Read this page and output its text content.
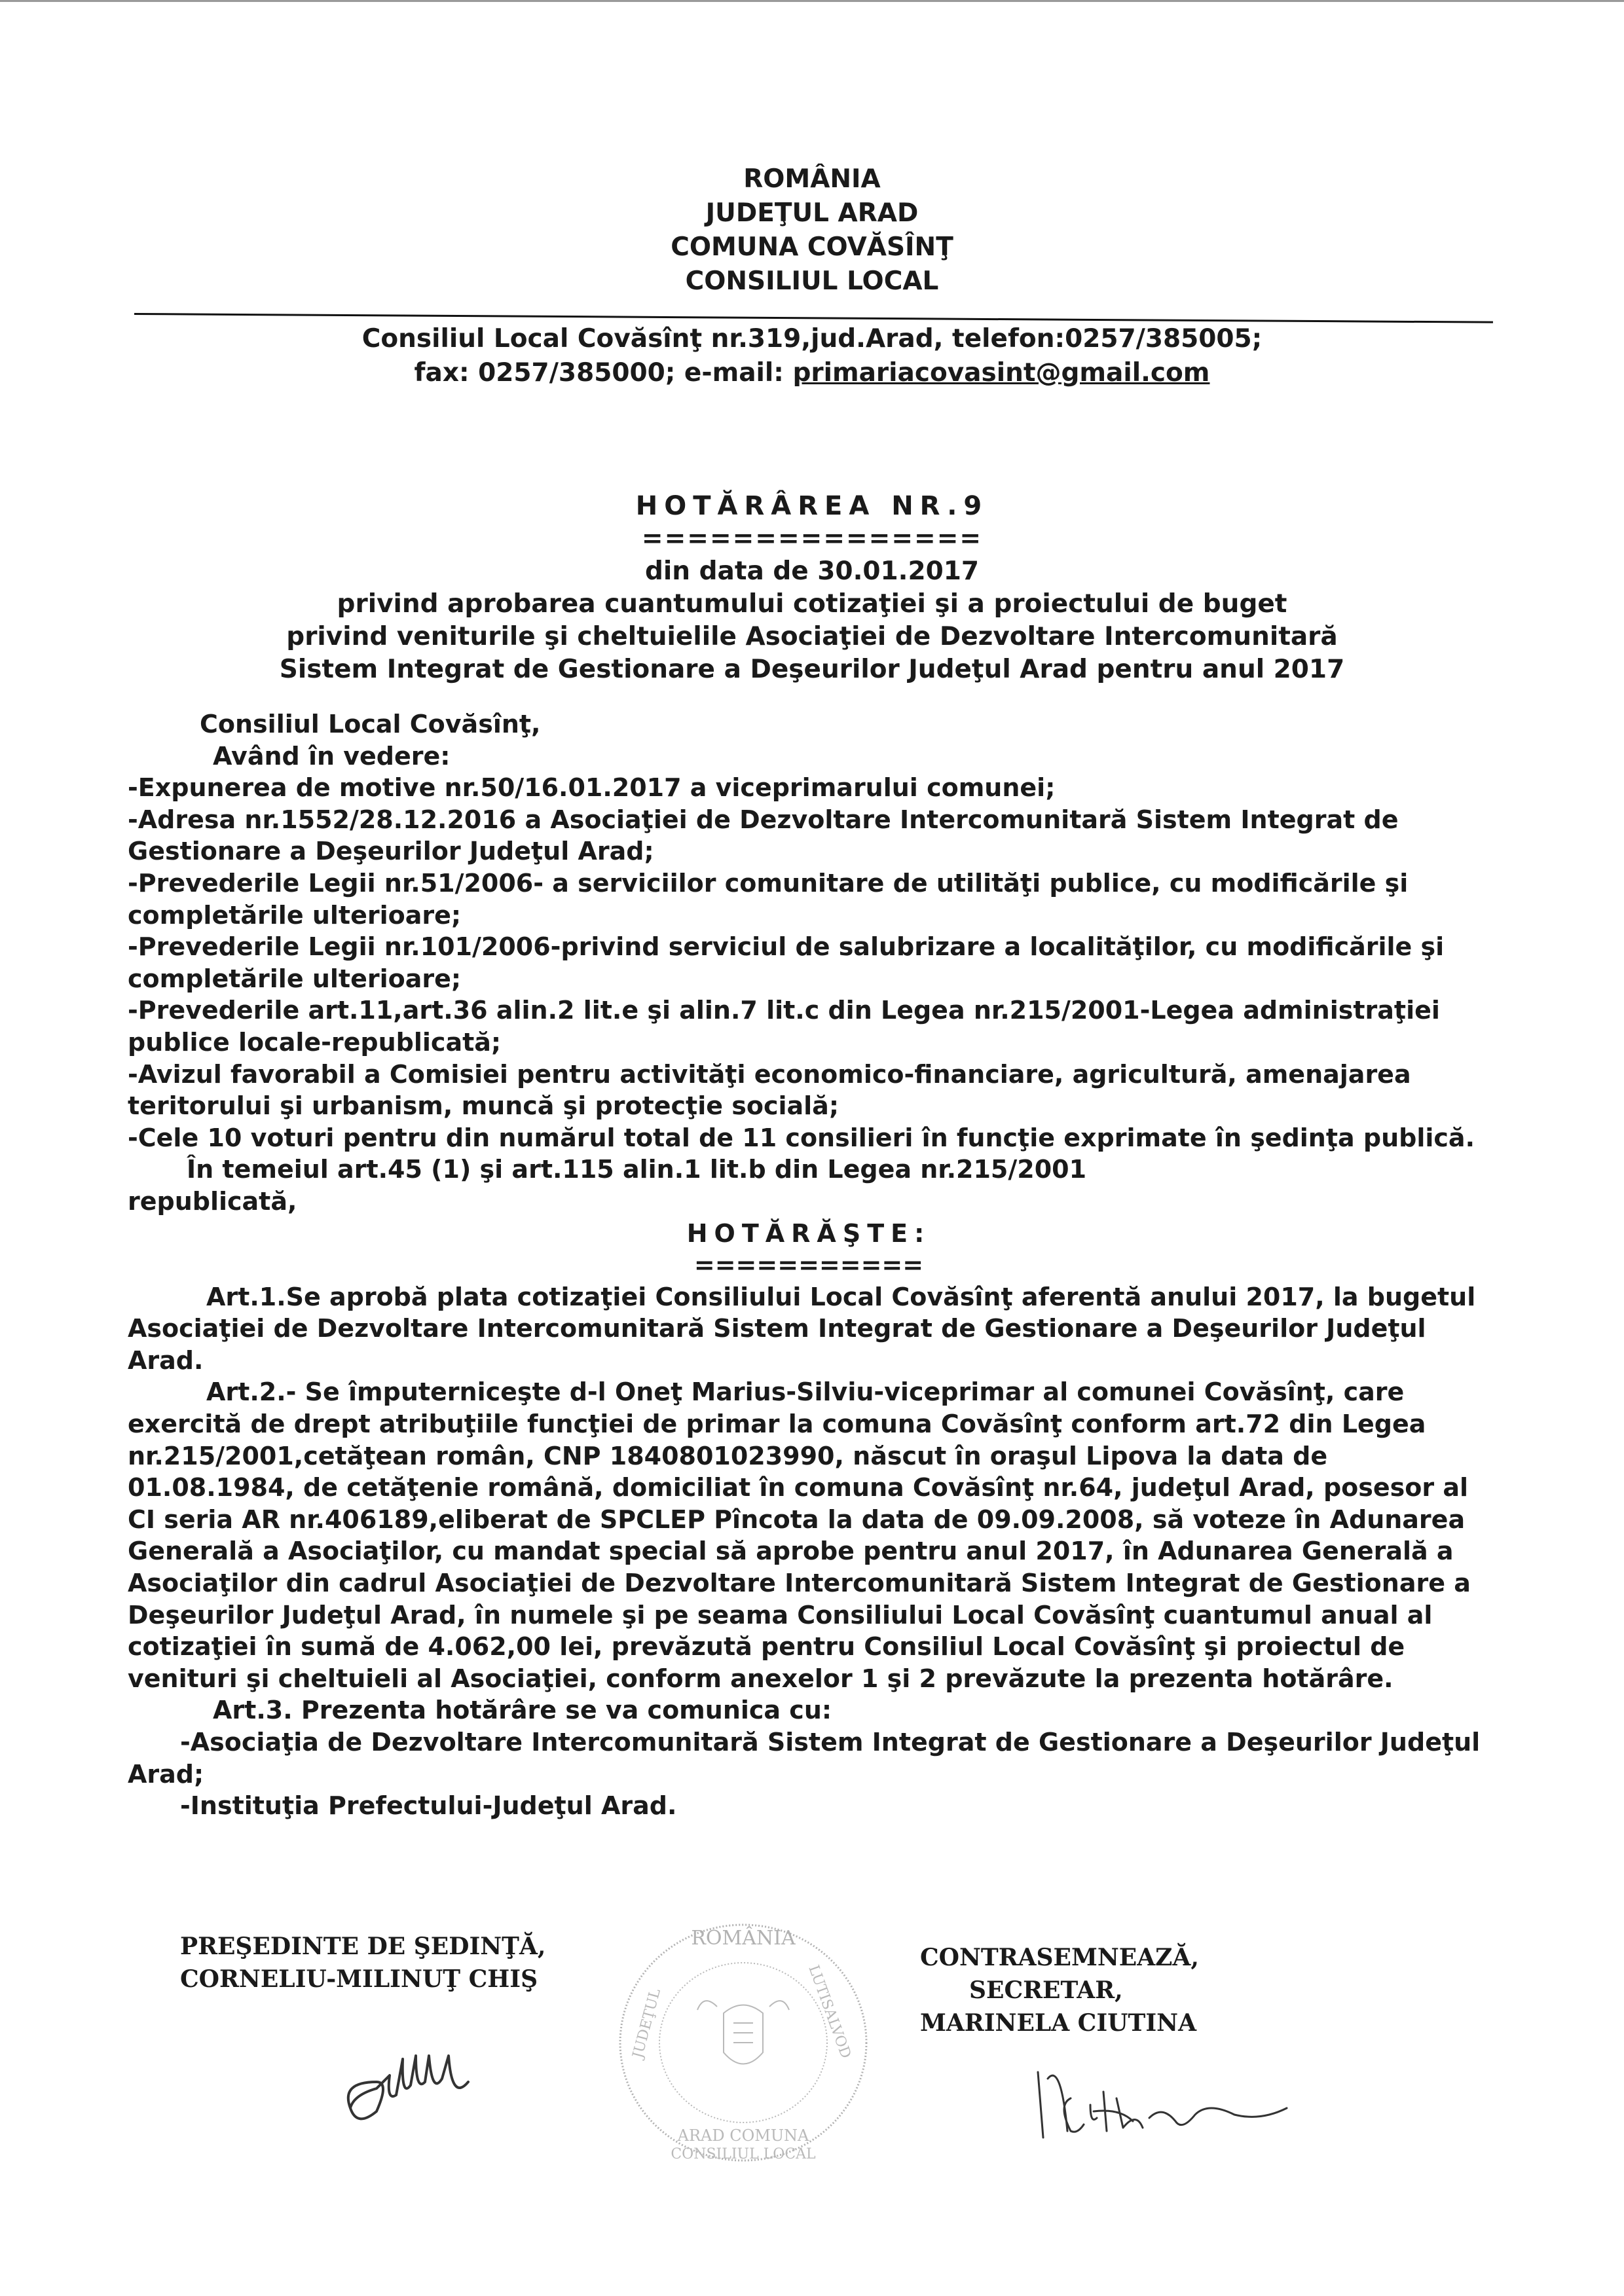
ROMÂNIA
JUDEŢUL ARAD
COMUNA COVĂSÎNŢ
CONSILIUL LOCAL
Consiliul Local Covăsînţ nr.319,jud.Arad, telefon:0257/385005;
fax: 0257/385000; e-mail: primariacovasint@gmail.com
HOTĂRÂREA NR.9
===============
din data de 30.01.2017
privind aprobarea cuantumului cotizaţiei şi a proiectului de buget
privind veniturile şi cheltuielile Asociaţiei de Dezvoltare Intercomunitară
Sistem Integrat de Gestionare a Deşeurilor Judeţul Arad pentru anul 2017
Consiliul Local Covăsînţ,
Având în vedere:
-Expunerea de motive nr.50/16.01.2017 a viceprimarului comunei;
-Adresa nr.1552/28.12.2016 a Asociaţiei de Dezvoltare Intercomunitară Sistem Integrat de Gestionare a Deşeurilor Judeţul Arad;
-Prevederile Legii nr.51/2006- a serviciilor comunitare de utilităţi publice, cu modificările şi completările ulterioare;
-Prevederile Legii nr.101/2006-privind serviciul de salubrizare a localităţilor, cu modificările şi completările ulterioare;
-Prevederile art.11,art.36 alin.2 lit.e şi alin.7 lit.c din Legea nr.215/2001-Legea administraţiei publice locale-republicată;
-Avizul favorabil a Comisiei pentru activităţi economico-financiare, agricultură, amenajarea teritorului şi urbanism, muncă şi protecţie socială;
-Cele 10 voturi pentru din numărul total de 11 consilieri în funcţie exprimate în şedinţa publică.
În temeiul art.45 (1) şi art.115 alin.1 lit.b din Legea nr.215/2001
republicată,
HOTĂRĂŞTE:
===========
Art.1.Se aprobă plata cotizaţiei Consiliului Local Covăsînţ aferentă anului 2017, la bugetul Asociaţiei de Dezvoltare Intercomunitară Sistem Integrat de Gestionare a Deşeurilor Judeţul Arad.
Art.2.- Se împuterniceşte d-l Oneţ Marius-Silviu-viceprimar al comunei Covăsînţ, care exercită de drept atribuţiile funcţiei de primar la comuna Covăsînţ conform art.72 din Legea nr.215/2001,cetăţean român, CNP 1840801023990, născut în oraşul Lipova la data de 01.08.1984, de cetăţenie română, domiciliat în comuna Covăsînţ nr.64, judeţul Arad, posesor al CI seria AR nr.406189,eliberat de SPCLEP Pîncota la data de 09.09.2008, să voteze în Adunarea Generală a Asociaţilor, cu mandat special să aprobe pentru anul 2017, în Adunarea Generală a Asociaţilor din cadrul Asociaţiei de Dezvoltare Intercomunitară Sistem Integrat de Gestionare a Deşeurilor Judeţul Arad, în numele şi pe seama Consiliului Local Covăsînţ cuantumul anual al cotizaţiei în sumă de 4.062,00 lei, prevăzută pentru Consiliul Local Covăsînţ şi proiectul de venituri şi cheltuieli al Asociaţiei, conform anexelor 1 şi 2 prevăzute la prezenta hotărâre.
Art.3. Prezenta hotărâre se va comunica cu:
-Asociaţia de Dezvoltare Intercomunitară Sistem Integrat de Gestionare a Deşeurilor Judeţul Arad;
-Instituţia Prefectului-Judeţul Arad.
PREŞEDINTE DE ŞEDINŢĂ,
CORNELIU-MILINUŢ CHIŞ
CONTRASEMNEAZĂ,
SECRETAR,
MARINELA CIUTINA
ROMÂNIA
JUDEŢUL	LUTISALVOD
ARAD COMUNA
CONSILIUL LOCAL
